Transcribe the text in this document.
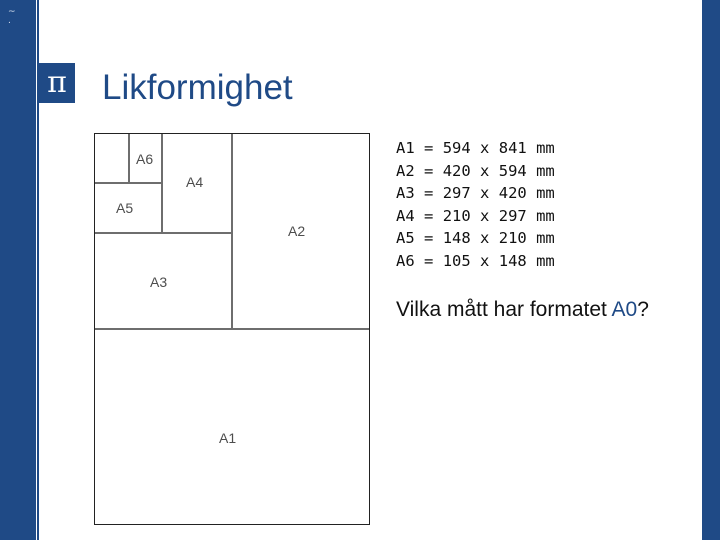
~
.
π Likformighet
A6
A4
A5
A2
A3
A1
A1 = 594 x 841 mm
A2 = 420 x 594 mm
A3 = 297 x 420 mm
A4 = 210 x 297 mm
A5 = 148 x 210 mm
A6 = 105 x 148 mm
Vilka mått har formatet A0?
